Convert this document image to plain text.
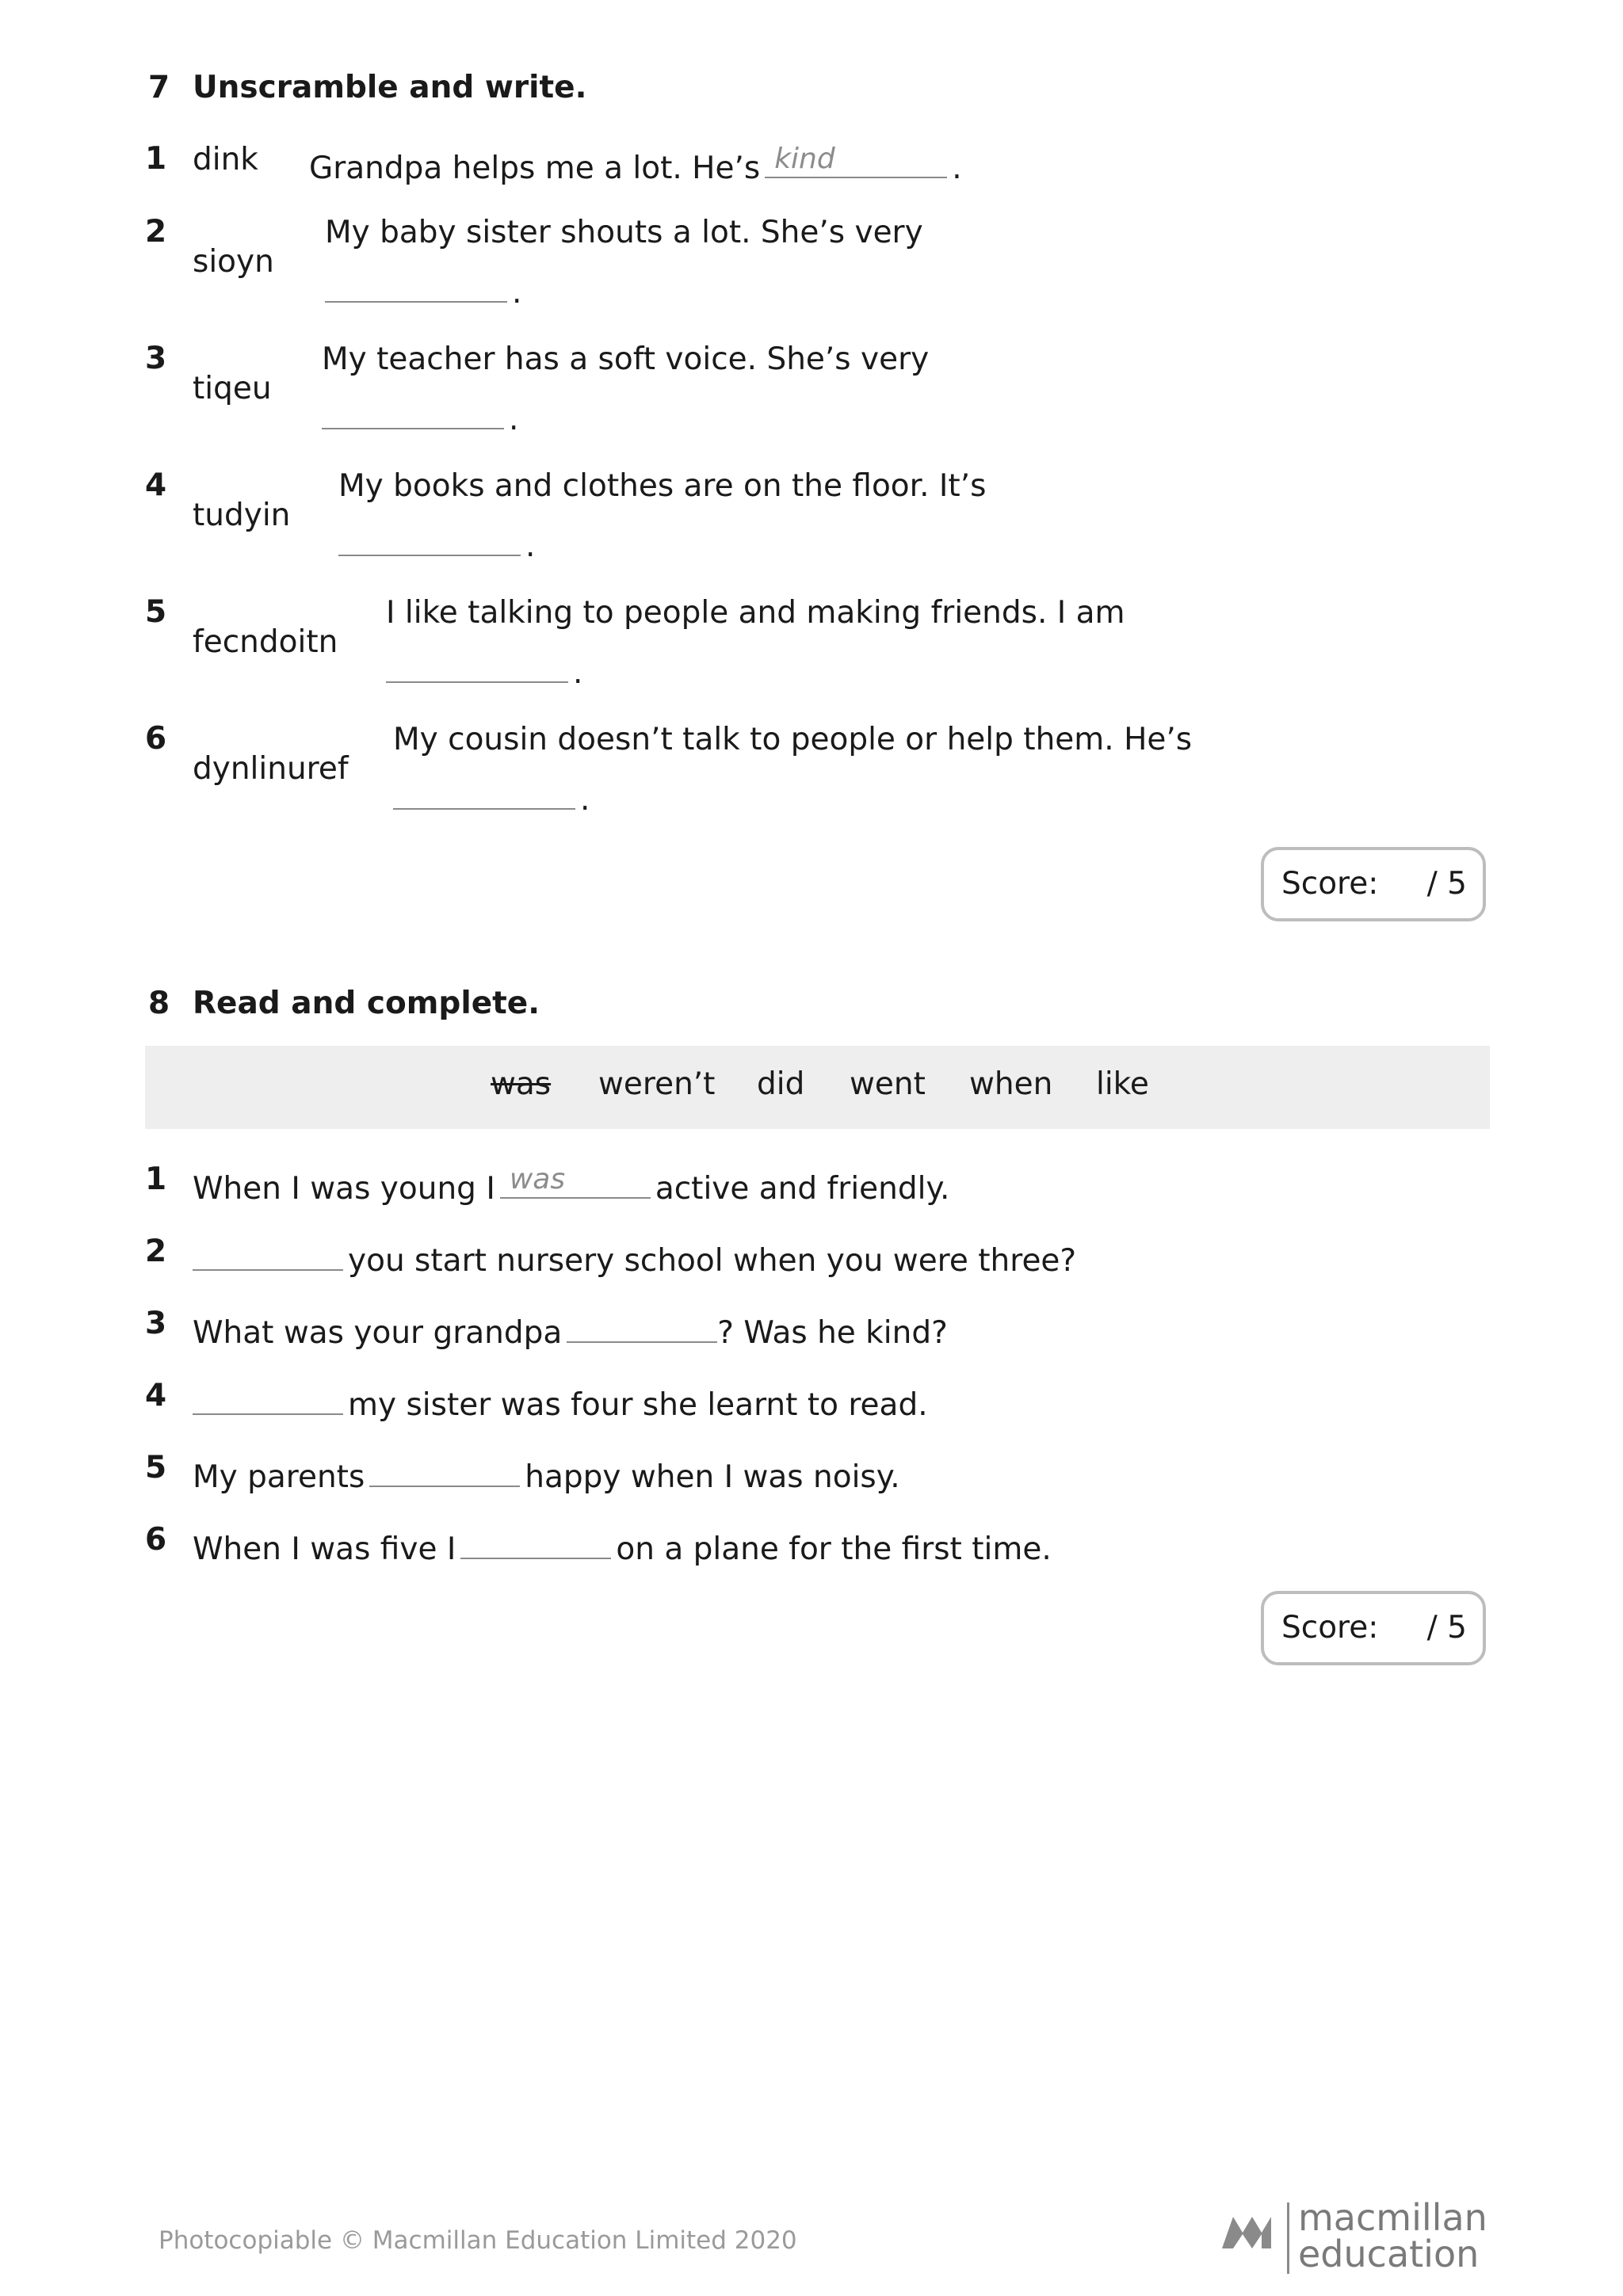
7 Unscramble and write.
1 dink Grandpa helps me a lot. He’s kind	.
2
sioyn
My baby sister shouts a lot. She’s very
.
3
tiqeu
My teacher has a soft voice. She’s very
.
4
tudyin
My books and clothes are on the floor. It’s
.
5
fecndoitn
I like talking to people and making friends. I am
.
6
dynlinuref
My cousin doesn’t talk to people or help them. He’s
.
Score: / 5
8 Read and complete.
was weren’t did went when like
1 When I was young I was	active and friendly.
2	you start nursery school when you were three?
3 What was your grandpa	? Was he kind?
4	my sister was four she learnt to read.
5 My parents	happy when I was noisy.
6 When I was five I	on a plane for the first time.
Score: / 5
Photocopiable © Macmillan Education Limited 2020
macmillan
education
